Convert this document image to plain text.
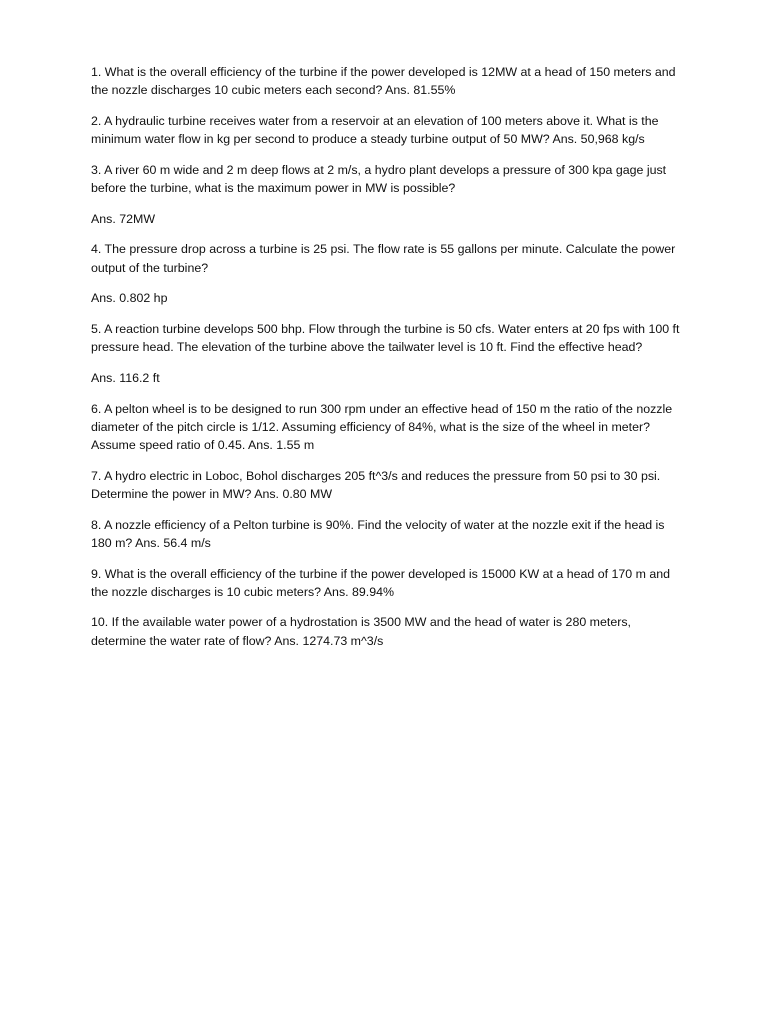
1. What is the overall efficiency of the turbine if the power developed is 12MW at a head of 150 meters and the nozzle discharges 10 cubic meters each second? Ans. 81.55%

2. A hydraulic turbine receives water from a reservoir at an elevation of 100 meters above it. What is the minimum water flow in kg per second to produce a steady turbine output of 50 MW? Ans. 50,968 kg/s

3. A river 60 m wide and 2 m deep flows at 2 m/s, a hydro plant develops a pressure of 300 kpa gage just before the turbine, what is the maximum power in MW is possible?

Ans. 72MW

4. The pressure drop across a turbine is 25 psi. The flow rate is 55 gallons per minute. Calculate the power output of the turbine?

Ans. 0.802 hp

5. A reaction turbine develops 500 bhp. Flow through the turbine is 50 cfs. Water enters at 20 fps with 100 ft pressure head. The elevation of the turbine above the tailwater level is 10 ft. Find the effective head?

Ans. 116.2 ft

6. A pelton wheel is to be designed to run 300 rpm under an effective head of 150 m the ratio of the nozzle diameter of the pitch circle is 1/12. Assuming efficiency of 84%, what is the size of the wheel in meter? Assume speed ratio of 0.45. Ans. 1.55 m

7. A hydro electric in Loboc, Bohol discharges 205 ft^3/s and reduces the pressure from 50 psi to 30 psi. Determine the power in MW? Ans. 0.80 MW

8. A nozzle efficiency of a Pelton turbine is 90%. Find the velocity of water at the nozzle exit if the head is 180 m? Ans. 56.4 m/s

9. What is the overall efficiency of the turbine if the power developed is 15000 KW at a head of 170 m and the nozzle discharges is 10 cubic meters? Ans. 89.94%

10. If the available water power of a hydrostation is 3500 MW and the head of water is 280 meters, determine the water rate of flow? Ans. 1274.73 m^3/s
